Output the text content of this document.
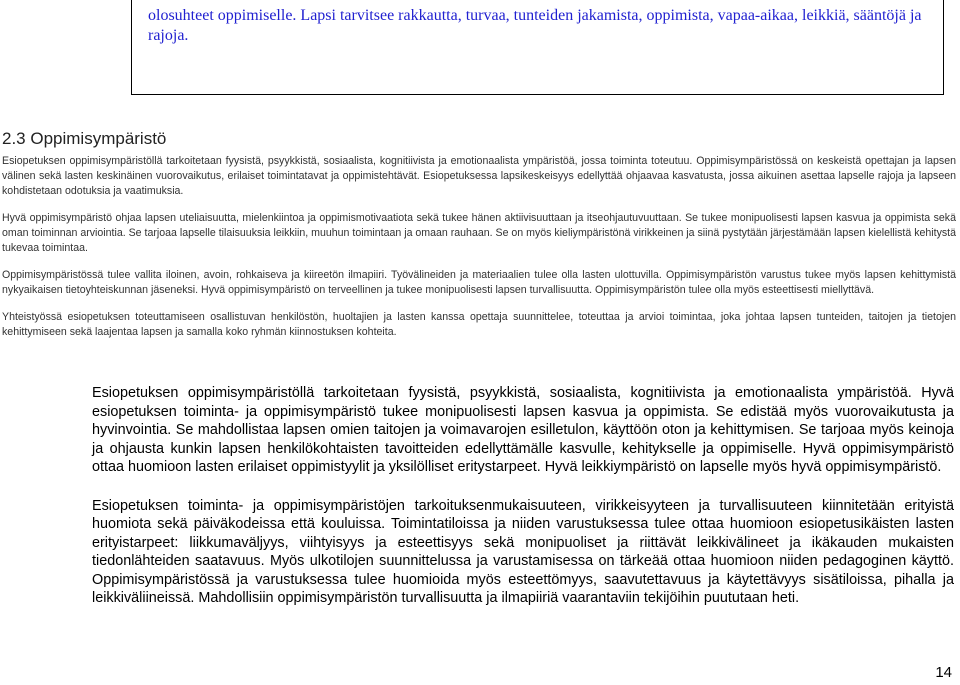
olosuhteet oppimiselle. Lapsi tarvitsee rakkautta, turvaa, tunteiden jakamista, oppimista, vapaa-aikaa, leikkiä, sääntöjä ja rajoja.

2.3 Oppimisympäristö

Esiopetuksen oppimisympäristöllä tarkoitetaan fyysistä, psyykkistä, sosiaalista, kognitiivista ja emotionaalista ympäristöä, jossa toiminta toteutuu. Oppimisympäristössä on keskeistä opettajan ja lapsen välinen sekä lasten keskinäinen vuorovaikutus, erilaiset toimintatavat ja oppimistehtävät. Esiopetuksessa lapsikeskeisyys edellyttää ohjaavaa kasvatusta, jossa aikuinen asettaa lapselle rajoja ja lapseen kohdistetaan odotuksia ja vaatimuksia.

Hyvä oppimisympäristö ohjaa lapsen uteliaisuutta, mielenkiintoa ja oppimismotivaatiota sekä tukee hänen aktiivisuuttaan ja itseohjautuvuuttaan. Se tukee monipuolisesti lapsen kasvua ja oppimista sekä oman toiminnan arviointia. Se tarjoaa lapselle tilaisuuksia leikkiin, muuhun toimintaan ja omaan rauhaan. Se on myös kieliympäristönä virikkeinen ja siinä pystytään järjestämään lapsen kielellistä kehitystä tukevaa toimintaa.

Oppimisympäristössä tulee vallita iloinen, avoin, rohkaiseva ja kiireetön ilmapiiri. Työvälineiden ja materiaalien tulee olla lasten ulottuvilla. Oppimisympäristön varustus tukee myös lapsen kehittymistä nykyaikaisen tietoyhteiskunnan jäseneksi. Hyvä oppimisympäristö on terveellinen ja tukee monipuolisesti lapsen turvallisuutta. Oppimisympäristön tulee olla myös esteettisesti miellyttävä.

Yhteistyössä esiopetuksen toteuttamiseen osallistuvan henkilöstön, huoltajien ja lasten kanssa opettaja suunnittelee, toteuttaa ja arvioi toimintaa, joka johtaa lapsen tunteiden, taitojen ja tietojen kehittymiseen sekä laajentaa lapsen ja samalla koko ryhmän kiinnostuksen kohteita.

Esiopetuksen oppimisympäristöllä tarkoitetaan fyysistä, psyykkistä, sosiaalista, kognitiivista ja emotionaalista ympäristöä. Hyvä esiopetuksen toiminta- ja oppimisympäristö tukee monipuolisesti lapsen kasvua ja oppimista. Se edistää myös vuorovaikutusta ja hyvinvointia. Se mahdollistaa lapsen omien taitojen ja voimavarojen esilletulon, käyttöön oton ja kehittymisen. Se tarjoaa myös keinoja ja ohjausta kunkin lapsen henkilökohtaisten tavoitteiden edellyttämälle kasvulle, kehitykselle ja oppimiselle. Hyvä oppimisympäristö ottaa huomioon lasten erilaiset oppimistyylit ja yksilölliset eritystarpeet. Hyvä leikkiympäristö on lapselle myös hyvä oppimisympäristö.

Esiopetuksen toiminta- ja oppimisympäristöjen tarkoituksenmukaisuuteen, virikkeisyyteen ja turvallisuuteen kiinnitetään erityistä huomiota sekä päiväkodeissa että kouluissa. Toimintatiloissa ja niiden varustuksessa tulee ottaa huomioon esiopetusikäisten lasten erityistarpeet: liikkumaväljyys, viihtyisyys ja esteettisyys sekä monipuoliset ja riittävät leikkivälineet ja ikäkauden mukaisten tiedonlähteiden saatavuus. Myös ulkotilojen suunnittelussa ja varustamisessa on tärkeää ottaa huomioon niiden pedagoginen käyttö. Oppimisympäristössä ja varustuksessa tulee huomioida myös esteettömyys, saavutettavuus ja käytettävyys sisätiloissa, pihalla ja leikkiväliineissä. Mahdollisiin oppimisympäristön turvallisuutta ja ilmapiiriä vaarantaviin tekijöihin puututaan heti.

14
